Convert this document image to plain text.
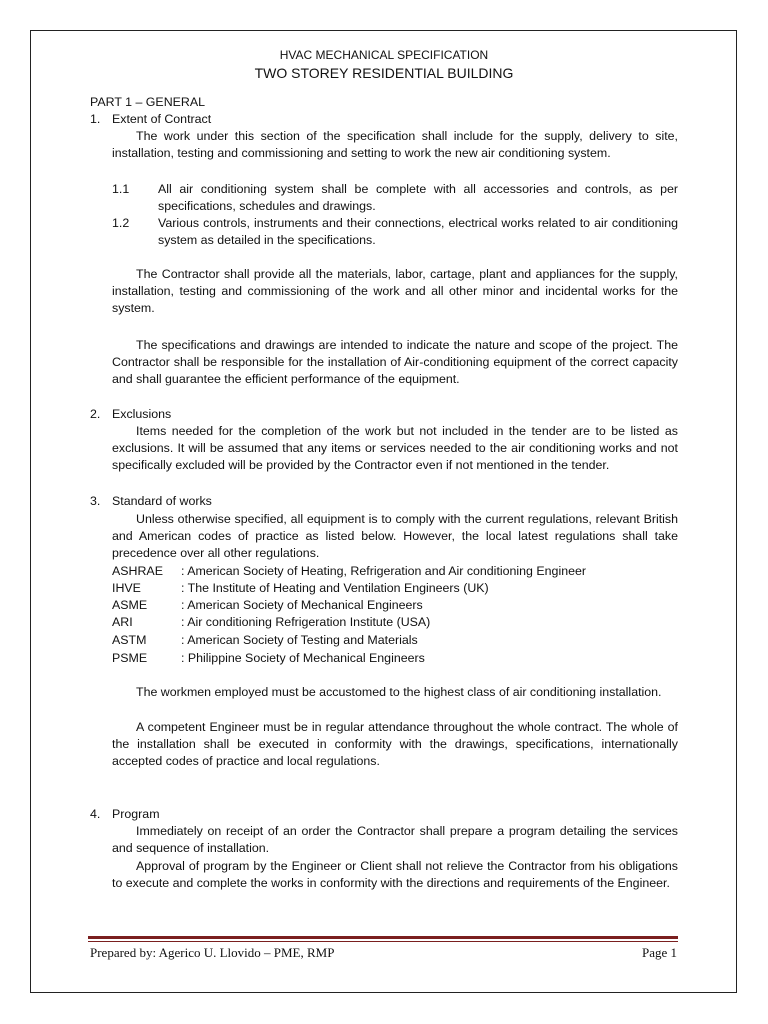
HVAC MECHANICAL SPECIFICATION
TWO STOREY RESIDENTIAL BUILDING
PART 1 – GENERAL
1. Extent of Contract
The work under this section of the specification shall include for the supply, delivery to site, installation, testing and commissioning and setting to work the new air conditioning system.
1.1 All air conditioning system shall be complete with all accessories and controls, as per specifications, schedules and drawings.
1.2 Various controls, instruments and their connections, electrical works related to air conditioning system as detailed in the specifications.
The Contractor shall provide all the materials, labor, cartage, plant and appliances for the supply, installation, testing and commissioning of the work and all other minor and incidental works for the system.
The specifications and drawings are intended to indicate the nature and scope of the project. The Contractor shall be responsible for the installation of Air-conditioning equipment of the correct capacity and shall guarantee the efficient performance of the equipment.
2. Exclusions
Items needed for the completion of the work but not included in the tender are to be listed as exclusions. It will be assumed that any items or services needed to the air conditioning works and not specifically excluded will be provided by the Contractor even if not mentioned in the tender.
3. Standard of works
Unless otherwise specified, all equipment is to comply with the current regulations, relevant British and American codes of practice as listed below. However, the local latest regulations shall take precedence over all other regulations.
ASHRAE : American Society of Heating, Refrigeration and Air conditioning Engineer
IHVE	: The Institute of Heating and Ventilation Engineers (UK)
ASME	: American Society of Mechanical Engineers
ARI	: Air conditioning Refrigeration Institute (USA)
ASTM	: American Society of Testing and Materials
PSME	: Philippine Society of Mechanical Engineers
The workmen employed must be accustomed to the highest class of air conditioning installation.
A competent Engineer must be in regular attendance throughout the whole contract. The whole of the installation shall be executed in conformity with the drawings, specifications, internationally accepted codes of practice and local regulations.
4. Program
Immediately on receipt of an order the Contractor shall prepare a program detailing the services and sequence of installation.
Approval of program by the Engineer or Client shall not relieve the Contractor from his obligations to execute and complete the works in conformity with the directions and requirements of the Engineer.
Prepared by: Agerico U. Llovido – PME, RMP	Page 1
